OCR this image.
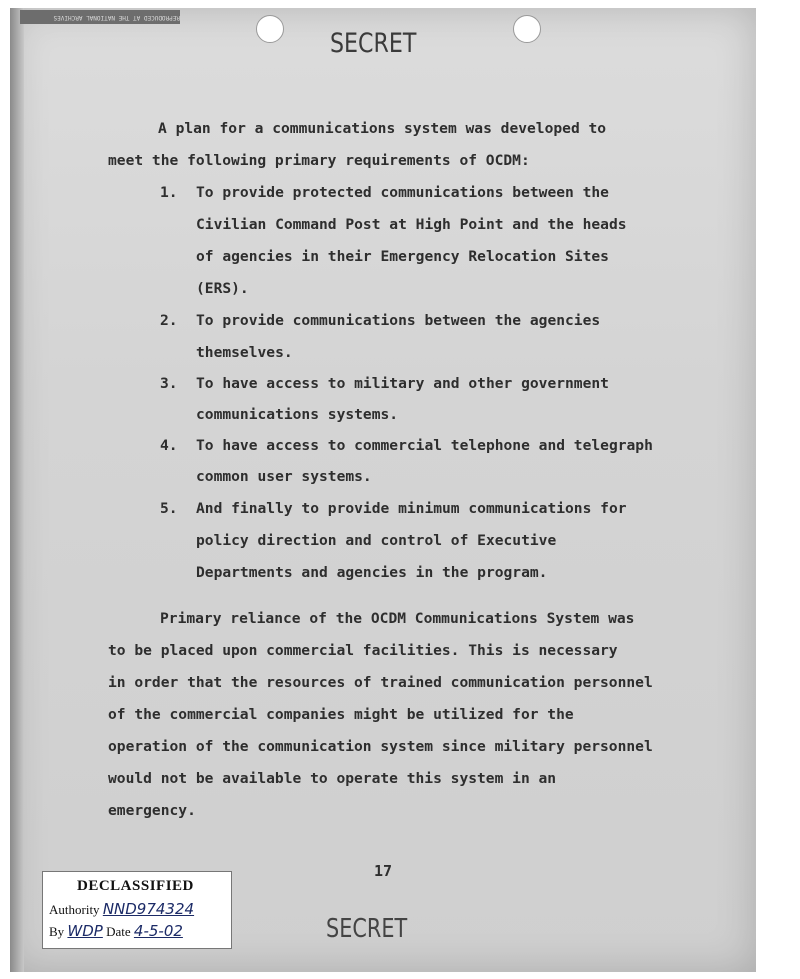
REPRODUCED AT THE NATIONAL ARCHIVES
SECRET
A plan for a communications system was developed to
meet the following primary requirements of OCDM:
1. To provide protected communications between the
Civilian Command Post at High Point and the heads
of agencies in their Emergency Relocation Sites
(ERS).
2. To provide communications between the agencies
themselves.
3. To have access to military and other government
communications systems.
4. To have access to commercial telephone and telegraph
common user systems.
5. And finally to provide minimum communications for
policy direction and control of Executive
Departments and agencies in the program.
Primary reliance of the OCDM Communications System was
to be placed upon commercial facilities. This is necessary
in order that the resources of trained communication personnel
of the commercial companies might be utilized for the
operation of the communication system since military personnel
would not be available to operate this system in an
emergency.
17
SECRET
DECLASSIFIED
Authority NND974324
By WDP Date 4-5-02
